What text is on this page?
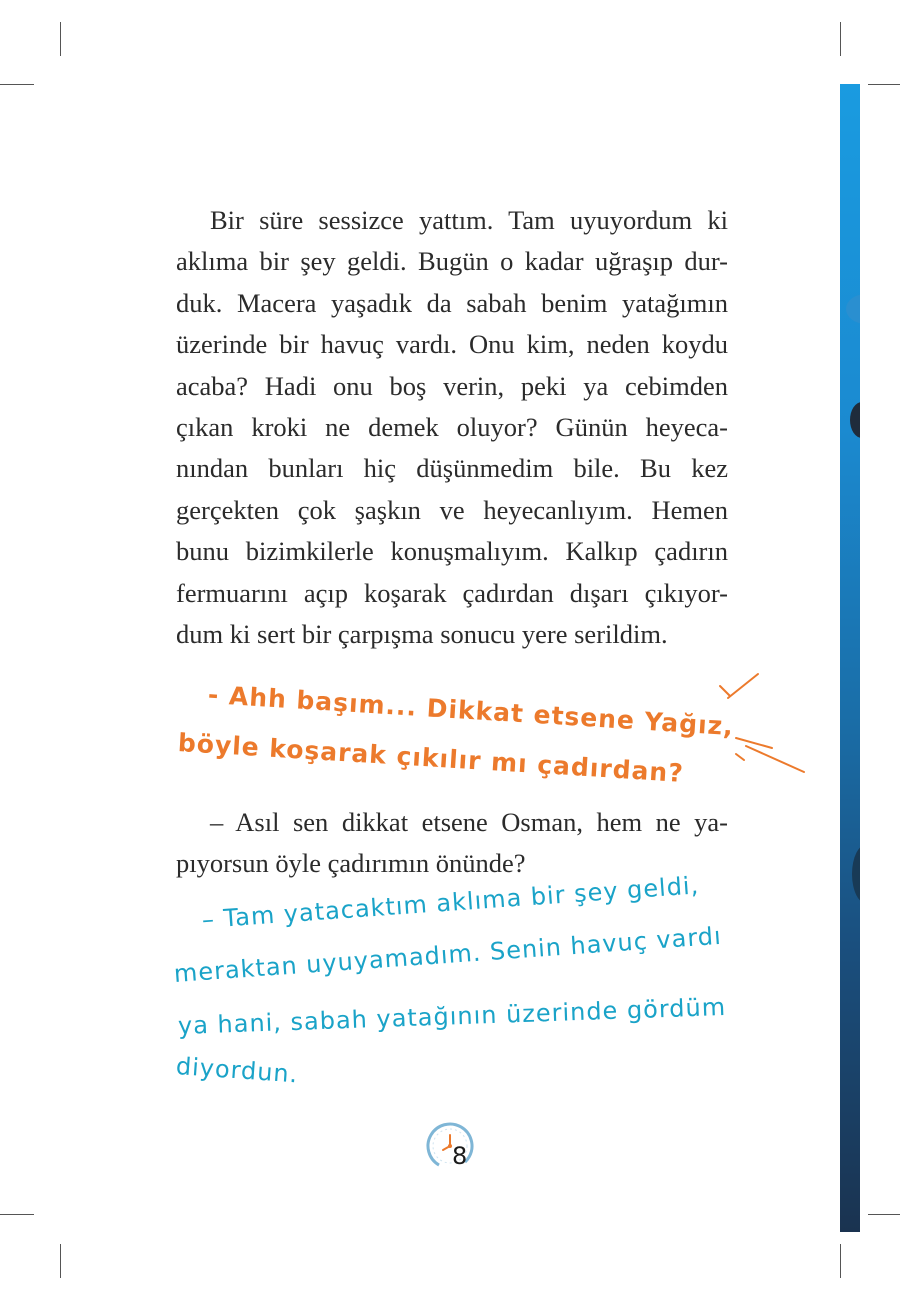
Bir süre sessizce yattım. Tam uyuyordum ki
aklıma bir şey geldi. Bugün o kadar uğraşıp dur-
duk. Macera yaşadık da sabah benim yatağımın
üzerinde bir havuç vardı. Onu kim, neden koydu
acaba? Hadi onu boş verin, peki ya cebimden
çıkan kroki ne demek oluyor? Günün heyeca-
nından bunları hiç düşünmedim bile. Bu kez
gerçekten çok şaşkın ve heyecanlıyım. Hemen
bunu bizimkilerle konuşmalıyım. Kalkıp çadırın
fermuarını açıp koşarak çadırdan dışarı çıkıyor-
dum ki sert bir çarpışma sonucu yere serildim.
- Ahh başım... Dikkat etsene Yağız,
böyle koşarak çıkılır mı çadırdan?
– Asıl sen dikkat etsene Osman, hem ne ya-
pıyorsun öyle çadırımın önünde?
– Tam yatacaktım aklıma bir şey geldi,
meraktan uyuyamadım. Senin havuç vardı
ya hani, sabah yatağının üzerinde gördüm
diyordun.
8
